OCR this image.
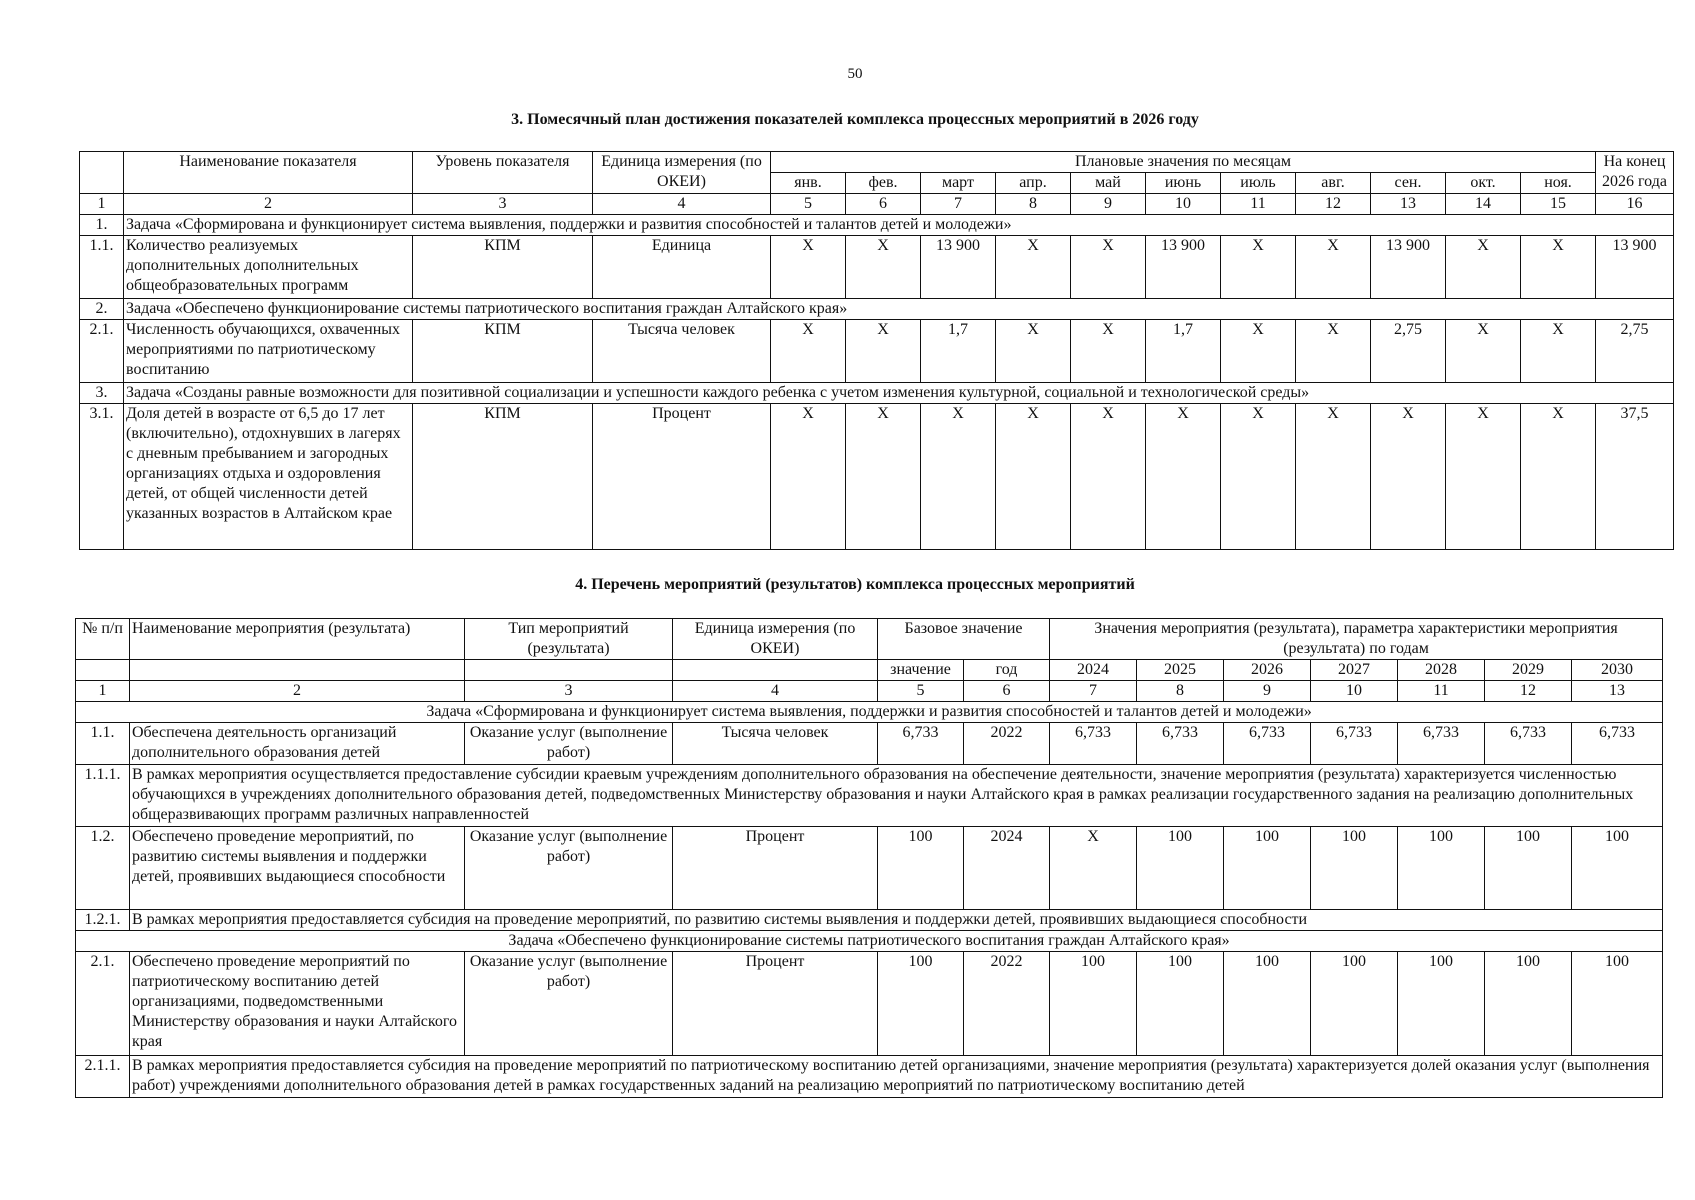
50
3. Помесячный план достижения показателей комплекса процессных мероприятий в 2026 году
	Наименование показателя	Уровень показателя	Единица измерения (по ОКЕИ)	Плановые значения по месяцам											На конец 2026 года
				янв.	фев.	март	апр.	май	июнь	июль	авг.	сен.	окт.	ноя.	
1	2	3	4	5	6	7	8	9	10	11	12	13	14	15	16
1.	Задача «Сформирована и функционирует система выявления, поддержки и развития способностей и талантов детей и молодежи»														
1.1.	Количество реализуемых дополнительных дополнительных общеобразовательных программ	КПМ	Единица	Х	Х	13 900	Х	Х	13 900	Х	Х	13 900	Х	Х	13 900
2.	Задача «Обеспечено функционирование системы патриотического воспитания граждан Алтайского края»														
2.1.	Численность обучающихся, охваченных мероприятиями по патриотическому воспитанию	КПМ	Тысяча человек	Х	Х	1,7	Х	Х	1,7	Х	Х	2,75	Х	Х	2,75
3.	Задача «Созданы равные возможности для позитивной социализации и успешности каждого ребенка с учетом изменения культурной, социальной и технологической среды»														
3.1.	Доля детей в возрасте от 6,5 до 17 лет (включительно), отдохнувших в лагерях с дневным пребыванием и загородных организациях отдыха и оздоровления детей, от общей численности детей указанных возрастов в Алтайском крае	КПМ	Процент	Х	Х	Х	Х	Х	Х	Х	Х	Х	Х	Х	37,5
4. Перечень мероприятий (результатов) комплекса процессных мероприятий
№ п/п	Наименование мероприятия (результата)	Тип мероприятий (результата)	Единица измерения (по ОКЕИ)	Базовое значение		Значения мероприятия (результата), параметра характеристики мероприятия (результата) по годам						

				значение	год	2024	2025	2026	2027	2028	2029	2030
1	2	3	4	5	6	7	8	9	10	11	12	13
Задача «Сформирована и функционирует система выявления, поддержки и развития способностей и талантов детей и молодежи»												
1.1.	Обеспечена деятельность организаций дополнительного образования детей	Оказание услуг (выполнение работ)	Тысяча человек	6,733	2022	6,733	6,733	6,733	6,733	6,733	6,733	6,733
1.1.1.	В рамках мероприятия осуществляется предоставление субсидии краевым учреждениям дополнительного образования на обеспечение деятельности, значение мероприятия (результата) характеризуется численностью обучающихся в учреждениях дополнительного образования детей, подведомственных Министерству образования и науки Алтайского края в рамках реализации государственного задания на реализацию дополнительных общеразвивающих программ различных направленностей											
1.2.	Обеспечено проведение мероприятий, по развитию системы выявления и поддержки детей, проявивших выдающиеся способности	Оказание услуг (выполнение работ)	Процент	100	2024	Х	100	100	100	100	100	100
1.2.1.	В рамках мероприятия предоставляется субсидия на проведение мероприятий, по развитию системы выявления и поддержки детей, проявивших выдающиеся способности											
Задача «Обеспечено функционирование системы патриотического воспитания граждан Алтайского края»												
2.1.	Обеспечено проведение мероприятий по патриотическому воспитанию детей организациями, подведомственными Министерству образования и науки Алтайского края	Оказание услуг (выполнение работ)	Процент	100	2022	100	100	100	100	100	100	100
2.1.1.	В рамках мероприятия предоставляется субсидия на проведение мероприятий по патриотическому воспитанию детей организациями, значение мероприятия (результата) характеризуется долей оказания услуг (выполнения работ) учреждениями дополнительного образования детей в рамках государственных заданий на реализацию мероприятий по патриотическому воспитанию детей											
